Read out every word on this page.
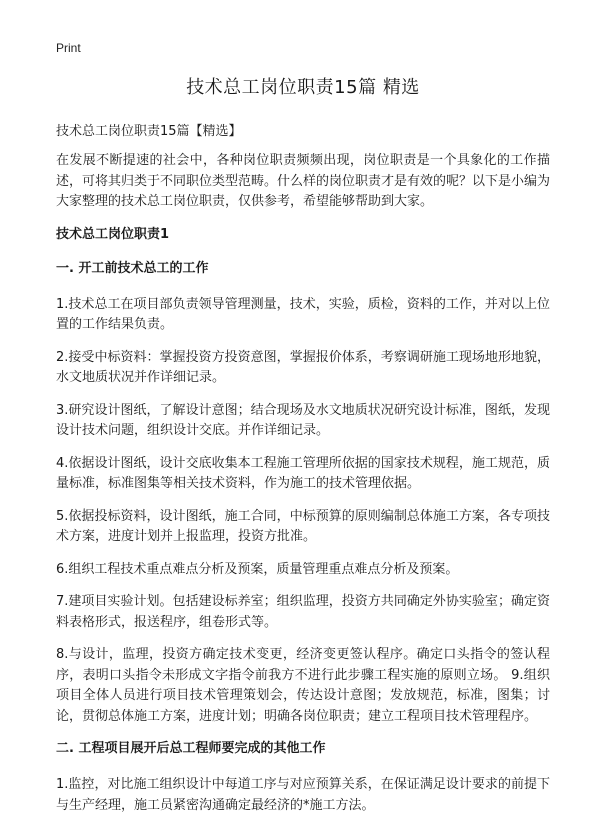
Print
技术总工岗位职责15篇 精选
技术总工岗位职责15篇【精选】

在发展不断提速的社会中，各种岗位职责频频出现，岗位职责是一个具象化的工作描述，可将其归类于不同职位类型范畴。什么样的岗位职责才是有效的呢？以下是小编为大家整理的技术总工岗位职责，仅供参考，希望能够帮助到大家。

技术总工岗位职责1
一. 开工前技术总工的工作

1.技术总工在项目部负责领导管理测量，技术，实验，质检，资料的工作，并对以上位置的工作结果负责。

2.接受中标资料：掌握投资方投资意图，掌握报价体系，考察调研施工现场地形地貌，水文地质状况并作详细记录。

3.研究设计图纸，了解设计意图；结合现场及水文地质状况研究设计标准，图纸，发现设计技术问题，组织设计交底。并作详细记录。

4.依据设计图纸，设计交底收集本工程施工管理所依据的国家技术规程，施工规范，质量标准，标准图集等相关技术资料，作为施工的技术管理依据。

5.依据投标资料，设计图纸，施工合同，中标预算的原则编制总体施工方案，各专项技术方案，进度计划并上报监理，投资方批准。

6.组织工程技术重点难点分析及预案，质量管理重点难点分析及预案。

7.建项目实验计划。包括建设标养室；组织监理，投资方共同确定外协实验室；确定资料表格形式，报送程序，组卷形式等。

8.与设计，监理，投资方确定技术变更，经济变更签认程序。确定口头指令的签认程序，表明口头指令未形成文字指令前我方不进行此步骤工程实施的原则立场。 9.组织项目全体人员进行项目技术管理策划会，传达设计意图；发放规范，标准，图集；讨论，贯彻总体施工方案，进度计划；明确各岗位职责；建立工程项目技术管理程序。

二. 工程项目展开后总工程师要完成的其他工作

1.监控，对比施工组织设计中每道工序与对应预算关系，在保证满足设计要求的前提下与生产经理，施工员紧密沟通确定最经济的*施工方法。
